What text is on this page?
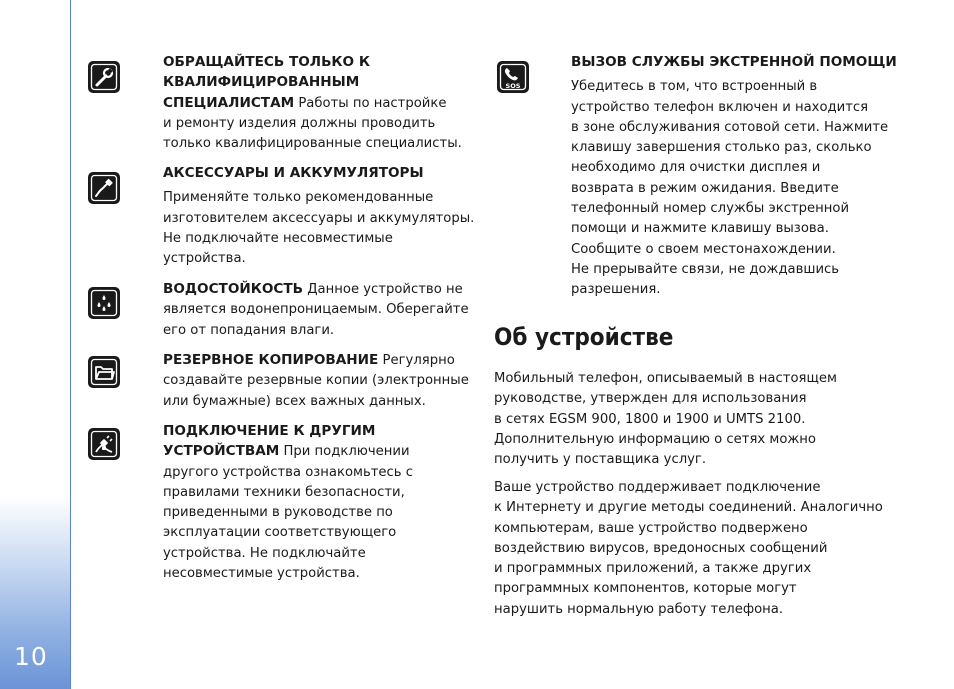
10
ОБРАЩАЙТЕСЬ ТОЛЬКО К
КВАЛИФИЦИРОВАННЫМ
СПЕЦИАЛИСТАМ Работы по настройке
и ремонту изделия должны проводить
только квалифицированные специалисты.
АКСЕССУАРЫ И АККУМУЛЯТОРЫ
Применяйте только рекомендованные
изготовителем аксессуары и аккумуляторы.
Не подключайте несовместимые
устройства.
ВОДОСТОЙКОСТЬ Данное устройство не
является водонепроницаемым. Оберегайте
его от попадания влаги.
РЕЗЕРВНОЕ КОПИРОВАНИЕ Регулярно
создавайте резервные копии (электронные
или бумажные) всех важных данных.
ПОДКЛЮЧЕНИЕ К ДРУГИМ
УСТРОЙСТВАМ При подключении
другого устройства ознакомьтесь с
правилами техники безопасности,
приведенными в руководстве по
эксплуатации соответствующего
устройства. Не подключайте
несовместимые устройства.
SOS
ВЫЗОВ СЛУЖБЫ ЭКСТРЕННОЙ ПОМОЩИ
Убедитесь в том, что встроенный в
устройство телефон включен и находится
в зоне обслуживания сотовой сети. Нажмите
клавишу завершения столько раз, сколько
необходимо для очистки дисплея и
возврата в режим ожидания. Введите
телефонный номер службы экстренной
помощи и нажмите клавишу вызова.
Сообщите о своем местонахождении.
Не прерывайте связи, не дождавшись
разрешения.
Об устройстве
Мобильный телефон, описываемый в настоящем
руководстве, утвержден для использования
в сетях EGSM 900, 1800 и 1900 и UMTS 2100.
Дополнительную информацию о сетях можно
получить у поставщика услуг.
Ваше устройство поддерживает подключение
к Интернету и другие методы соединений. Аналогично
компьютерам, ваше устройство подвержено
воздействию вирусов, вредоносных сообщений
и программных приложений, а также других
программных компонентов, которые могут
нарушить нормальную работу телефона.
